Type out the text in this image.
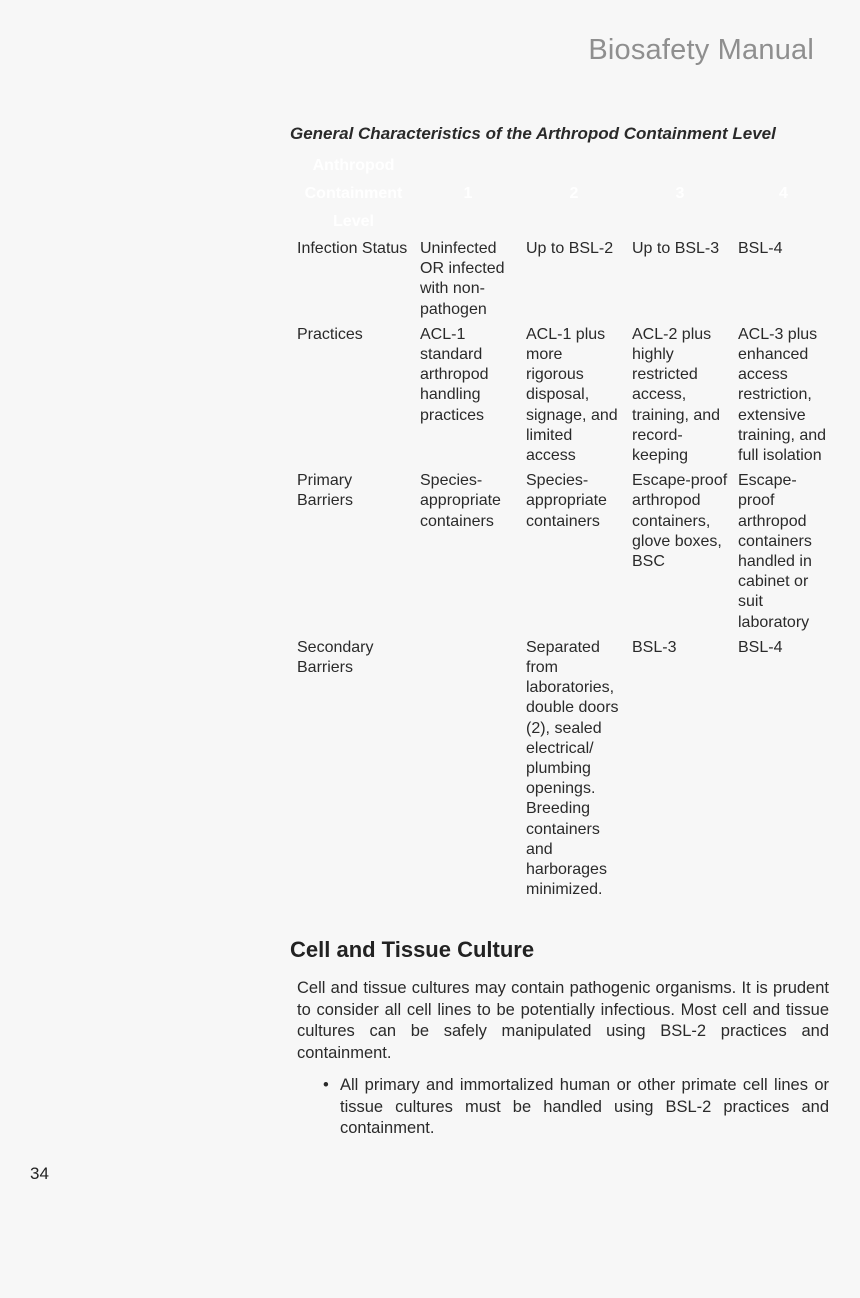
Biosafety Manual
General Characteristics of the Arthropod Containment Level
Anthropod Containment Level	1	2	3	4
Infection Status	Uninfected OR infected with non-pathogen	Up to BSL-2	Up to BSL-3	BSL-4
Practices	ACL-1 standard arthropod handling practices	ACL-1 plus more rigorous disposal, signage, and limited access	ACL-2 plus highly restricted access, training, and record-keeping	ACL-3 plus enhanced access restriction, extensive training, and full isolation
Primary Barriers	Species-appropriate containers	Species-appropriate containers	Escape-proof arthropod containers, glove boxes, BSC	Escape-proof arthropod containers handled in cabinet or suit laboratory
Secondary Barriers		Separated from laboratories, double doors (2), sealed electrical/ plumbing openings. Breeding containers and harborages minimized.	BSL-3	BSL-4
Cell and Tissue Culture

Cell and tissue cultures may contain pathogenic organisms. It is prudent to consider all cell lines to be potentially infectious. Most cell and tissue cultures can be safely manipulated using BSL-2 practices and containment.

• All primary and immortalized human or other primate cell lines or tissue cultures must be handled using BSL-2 practices and containment.
34
